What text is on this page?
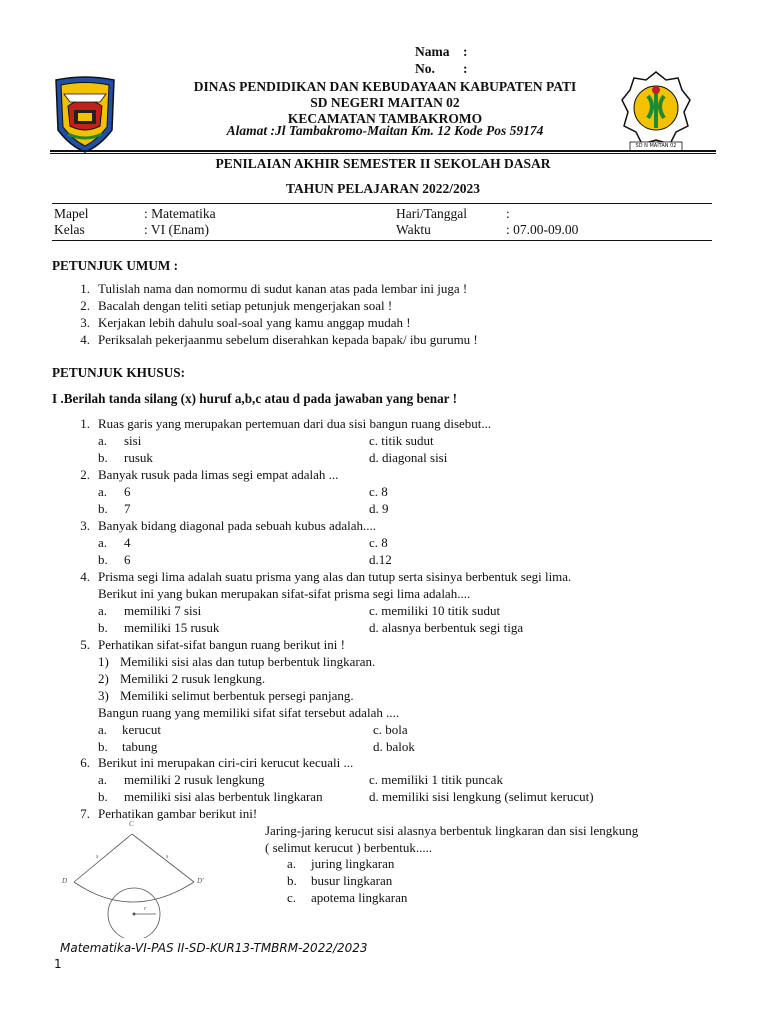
Nama :
No. :
SD N MAITAN 02
DINAS PENDIDIKAN DAN KEBUDAYAAN KABUPATEN PATI
SD NEGERI MAITAN 02
KECAMATAN TAMBAKROMO
Alamat :Jl Tambakromo-Maitan Km. 12 Kode Pos 59174
PENILAIAN AKHIR SEMESTER II SEKOLAH DASAR
TAHUN PELAJARAN 2022/2023
Mapel	: Matematika	Hari/Tanggal	:
Kelas	: VI (Enam)	Waktu	: 07.00-09.00
PETUNJUK UMUM :
1. Tulislah nama dan nomormu di sudut kanan atas pada lembar ini juga !
2. Bacalah dengan teliti setiap petunjuk mengerjakan soal !
3. Kerjakan lebih dahulu soal-soal yang kamu anggap mudah !
4. Periksalah pekerjaanmu sebelum diserahkan kepada bapak/ ibu gurumu !
PETUNJUK KHUSUS:
I .Berilah tanda silang (x) huruf a,b,c atau d pada jawaban yang benar !
1. Ruas garis yang merupakan pertemuan dari dua sisi bangun ruang disebut...
a. sisi	c. titik sudut
b. rusuk	d. diagonal sisi
2. Banyak rusuk pada limas segi empat adalah ...
a. 6	c. 8
b. 7	d. 9
3. Banyak bidang diagonal pada sebuah kubus adalah....
a. 4	c. 8
b. 6	d.12
4. Prisma segi lima adalah suatu prisma yang alas dan tutup serta sisinya berbentuk segi lima.
Berikut ini yang bukan merupakan sifat-sifat prisma segi lima adalah....
a. memiliki 7 sisi	c. memiliki 10 titik sudut
b. memiliki 15 rusuk	d. alasnya berbentuk segi tiga
5. Perhatikan sifat-sifat bangun ruang berikut ini !
1) Memiliki sisi alas dan tutup berbentuk lingkaran.
2) Memiliki 2 rusuk lengkung.
3) Memiliki selimut berbentuk persegi panjang.
Bangun ruang yang memiliki sifat sifat tersebut adalah ....
a. kerucut	c. bola
b. tabung	d. balok
6. Berikut ini merupakan ciri-ciri kerucut kecuali ...
a. memiliki 2 rusuk lengkung	c. memiliki 1 titik puncak
b. memiliki sisi alas berbentuk lingkaran	d. memiliki sisi lengkung (selimut kerucut)
7. Perhatikan gambar berikut ini!
Jaring-jaring kerucut sisi alasnya berbentuk lingkaran dan sisi lengkung
( selimut kerucut ) berbentuk.....
a. juring lingkaran
b. busur lingkaran
c. apotema lingkaran
C
D	D'
s	s
r
Matematika-VI-PAS II-SD-KUR13-TMBRM-2022/2023
1
